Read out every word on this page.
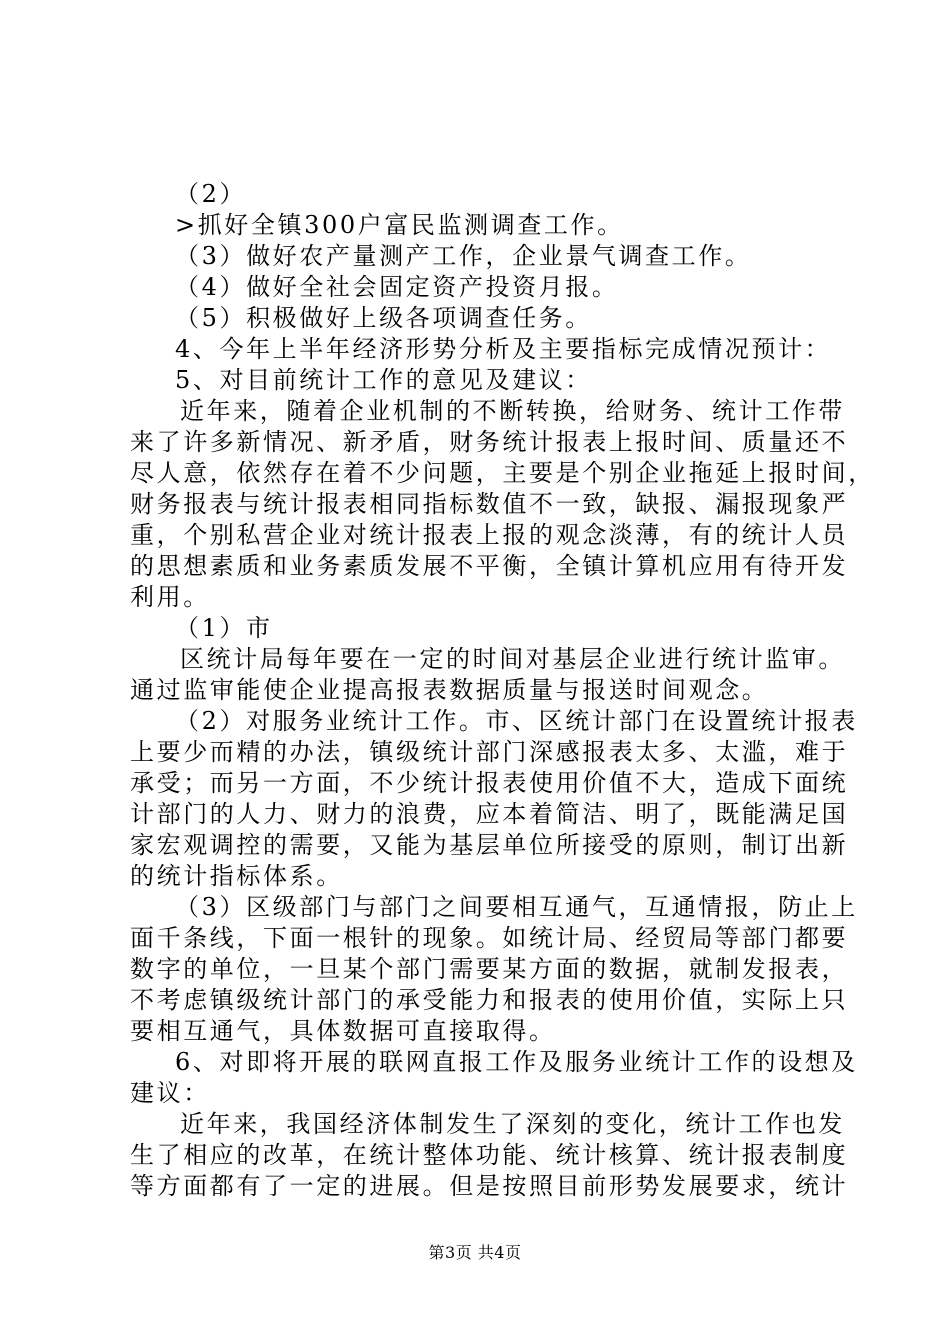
（2）
>抓好全镇300户富民监测调查工作。
（3）做好农产量测产工作，企业景气调查工作。
（4）做好全社会固定资产投资月报。
（5）积极做好上级各项调查任务。
4、今年上半年经济形势分析及主要指标完成情况预计：
5、对目前统计工作的意见及建议：
近年来，随着企业机制的不断转换，给财务、统计工作带
来了许多新情况、新矛盾，财务统计报表上报时间、质量还不
尽人意，依然存在着不少问题，主要是个别企业拖延上报时间，
财务报表与统计报表相同指标数值不一致，缺报、漏报现象严
重，个别私营企业对统计报表上报的观念淡薄，有的统计人员
的思想素质和业务素质发展不平衡，全镇计算机应用有待开发
利用。
（1）市
区统计局每年要在一定的时间对基层企业进行统计监审。
通过监审能使企业提高报表数据质量与报送时间观念。
（2）对服务业统计工作。市、区统计部门在设置统计报表
上要少而精的办法，镇级统计部门深感报表太多、太滥，难于
承受；而另一方面，不少统计报表使用价值不大，造成下面统
计部门的人力、财力的浪费，应本着简洁、明了，既能满足国
家宏观调控的需要，又能为基层单位所接受的原则，制订出新
的统计指标体系。
（3）区级部门与部门之间要相互通气，互通情报，防止上
面千条线，下面一根针的现象。如统计局、经贸局等部门都要
数字的单位，一旦某个部门需要某方面的数据，就制发报表，
不考虑镇级统计部门的承受能力和报表的使用价值，实际上只
要相互通气，具体数据可直接取得。
6、对即将开展的联网直报工作及服务业统计工作的设想及
建议：
近年来，我国经济体制发生了深刻的变化，统计工作也发
生了相应的改革，在统计整体功能、统计核算、统计报表制度
等方面都有了一定的进展。但是按照目前形势发展要求，统计
第3页 共4页
